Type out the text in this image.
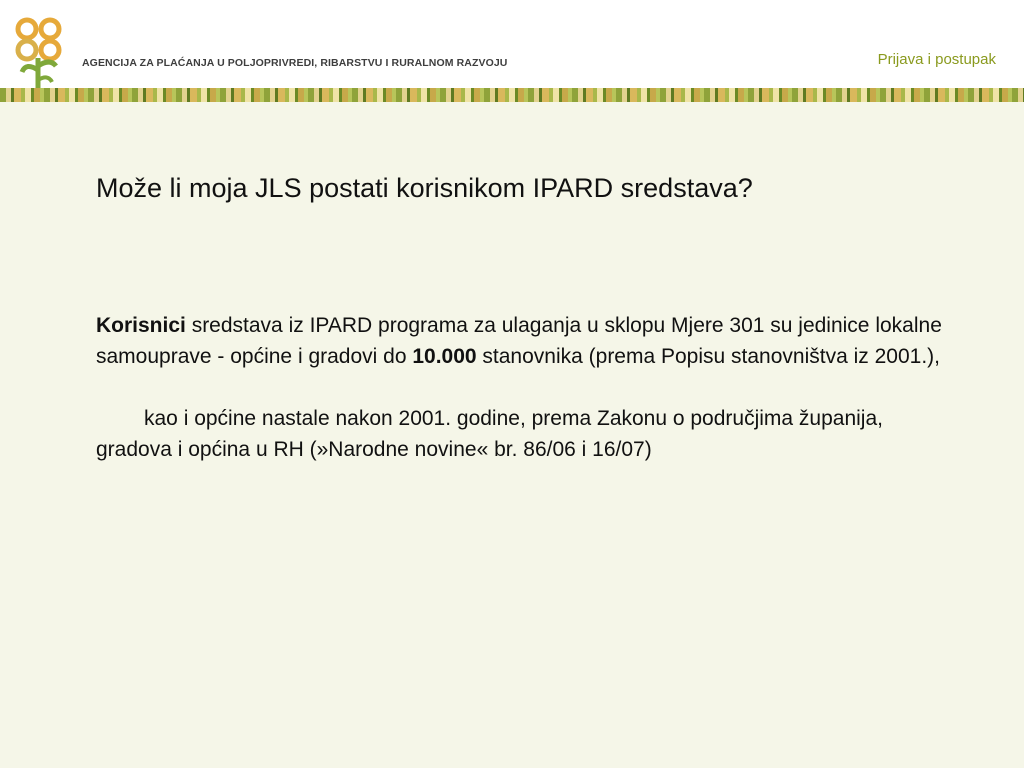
AGENCIJA ZA PLAĆANJA U POLJOPRIVREDI, RIBARSTVU I RURALNOM RAZVOJU	Prijava i postupak

Može li moja JLS postati korisnikom IPARD sredstava?

Korisnici sredstava iz IPARD programa za ulaganja u sklopu Mjere 301 su jedinice lokalne samouprave - općine i gradovi do 10.000 stanovnika (prema Popisu stanovništva iz 2001.),

kao i općine nastale nakon 2001. godine, prema Zakonu o područjima županija, gradova i općina u RH (»Narodne novine« br. 86/06 i 16/07)
